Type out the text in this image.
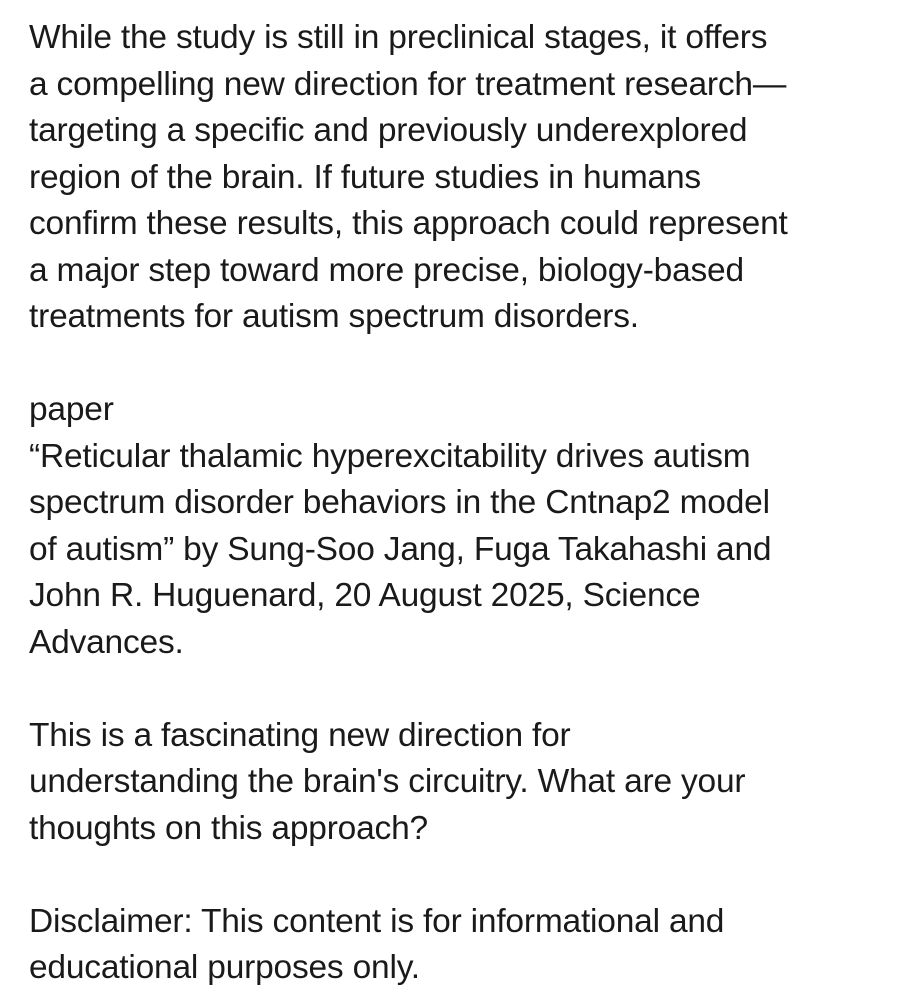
While the study is still in preclinical stages, it offers
a compelling new direction for treatment research—
targeting a specific and previously underexplored
region of the brain. If future studies in humans
confirm these results, this approach could represent
a major step toward more precise, biology-based
treatments for autism spectrum disorders.

paper
“Reticular thalamic hyperexcitability drives autism
spectrum disorder behaviors in the Cntnap2 model
of autism” by Sung-Soo Jang, Fuga Takahashi and
John R. Huguenard, 20 August 2025, Science
Advances.

This is a fascinating new direction for
understanding the brain's circuitry. What are your
thoughts on this approach?

Disclaimer: This content is for informational and
educational purposes only.
